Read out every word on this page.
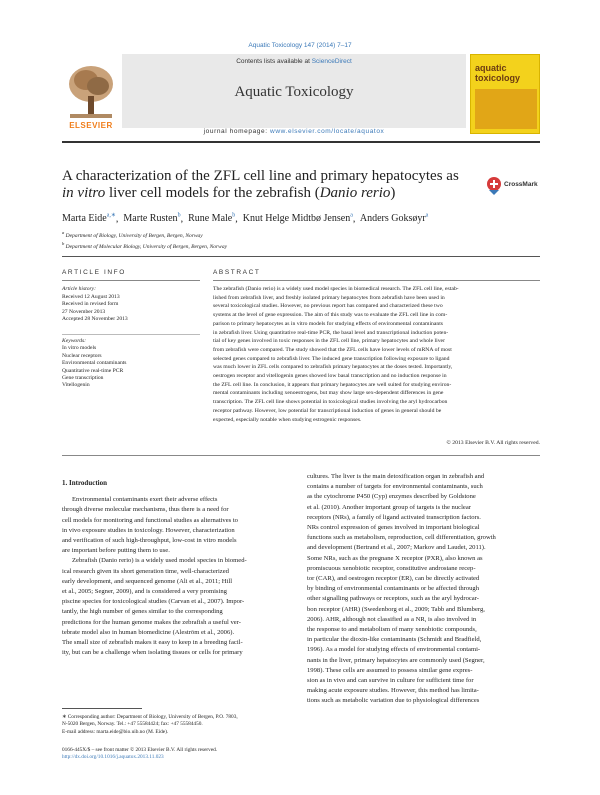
Aquatic Toxicology 147 (2014) 7–17
ELSEVIER
Contents lists available at ScienceDirect
Aquatic Toxicology
journal homepage: www.elsevier.com/locate/aquatox
aquatic toxicology
A characterization of the ZFL cell line and primary hepatocytes as
in vitro liver cell models for the zebrafish (Danio rerio)
CrossMark
Marta Eide$^{a,∗}$,  Marte Rusten$^b$,  Rune Male$^b$,  Knut Helge Midtbø Jensen$^a$,  Anders Goksøyr$^a$
$^a$ Department of Biology, University of Bergen, Bergen, Norway
$^b$ Department of Molecular Biology, University of Bergen, Bergen, Norway
ARTICLE INFO	ABSTRACT
Article history:
Received 12 August 2013
Received in revised form
27 November 2013
Accepted 28 November 2013
Keywords:
In vitro models
Nuclear receptors
Environmental contaminants
Quantitative real-time PCR
Gene transcription
Vitellogenin
The zebrafish (Danio rerio) is a widely used model species in biomedical research. The ZFL cell line, estab-
lished from zebrafish liver, and freshly isolated primary hepatocytes from zebrafish have been used in
several toxicological studies. However, no previous report has compared and characterized these two
systems at the level of gene expression. The aim of this study was to evaluate the ZFL cell line in com-
parison to primary hepatocytes as in vitro models for studying effects of environmental contaminants
in zebrafish liver. Using quantitative real-time PCR, the basal level and transcriptional induction poten-
tial of key genes involved in toxic responses in the ZFL cell line, primary hepatocytes and whole liver
from zebrafish were compared. The study showed that the ZFL cells have lower levels of mRNA of most
selected genes compared to zebrafish liver. The induced gene transcription following exposure to ligand
was much lower in ZFL cells compared to zebrafish primary hepatocytes at the doses tested. Importantly,
oestrogen receptor and vitellogenin genes showed low basal transcription and no induction response in
the ZFL cell line. In conclusion, it appears that primary hepatocytes are well suited for studying environ-
mental contaminants including xenoestrogens, but may show large sex-dependent differences in gene
transcription. The ZFL cell line shows potential in toxicological studies involving the aryl hydrocarbon
receptor pathway. However, low potential for transcriptional induction of genes in general should be
expected, especially notable when studying estrogenic responses.
© 2013 Elsevier B.V. All rights reserved.
1. Introduction
Environmental contaminants exert their adverse effects
through diverse molecular mechanisms, thus there is a need for
cell models for monitoring and functional studies as alternatives to
in vivo exposure studies in toxicology. However, characterization
and verification of such high-throughput, low-cost in vitro models
are important before putting them to use.
Zebrafish (Danio rerio) is a widely used model species in biomed-
ical research given its short generation time, well-characterized
early development, and sequenced genome (Ali et al., 2011; Hill
et al., 2005; Segner, 2009), and is considered a very promising
piscine species for toxicological studies (Carvan et al., 2007). Impor-
tantly, the high number of genes similar to the corresponding
predictions for the human genome makes the zebrafish a useful ver-
tebrate model also in human biomedicine (Alestrōm et al., 2006).
The small size of zebrafish makes it easy to keep in a breeding facil-
ity, but can be a challenge when isolating tissues or cells for primary
cultures. The liver is the main detoxification organ in zebrafish and
contains a number of targets for environmental contaminants, such
as the cytochrome P450 (Cyp) enzymes described by Goldstone
et al. (2010). Another important group of targets is the nuclear
receptors (NRs), a family of ligand activated transcription factors.
NRs control expression of genes involved in important biological
functions such as metabolism, reproduction, cell differentiation, growth
and development (Bertrand et al., 2007; Markov and Laudet, 2011).
Some NRs, such as the pregnane X receptor (PXR), also known as
promiscuous xenobiotic receptor, constitutive androstane recep-
tor (CAR), and oestrogen receptor (ER), can be directly activated
by binding of environmental contaminants or be affected through
other signalling pathways or receptors, such as the aryl hydrocar-
bon receptor (AHR) (Swedenborg et al., 2009; Tabb and Blumberg,
2006). AHR, although not classified as a NR, is also involved in
the response to and metabolism of many xenobiotic compounds,
in particular the dioxin-like contaminants (Schmidt and Bradfield,
1996). As a model for studying effects of environmental contami-
nants in the liver, primary hepatocytes are commonly used (Segner,
1998). These cells are assumed to possess similar gene expres-
sion as in vivo and can survive in culture for sufficient time for
making acute exposure studies. However, this method has limita-
tions such as metabolic variation due to physiological differences
∗ Corresponding author: Department of Biology, University of Bergen, P.O. 7803,
N-5020 Bergen, Norway. Tel.: +47 55584424; fax: +47 55584450.
E-mail address: marta.eide@bio.uib.no (M. Eide).
0166-445X/$ – see front matter © 2013 Elsevier B.V. All rights reserved.
http://dx.doi.org/10.1016/j.aquatox.2013.11.023
